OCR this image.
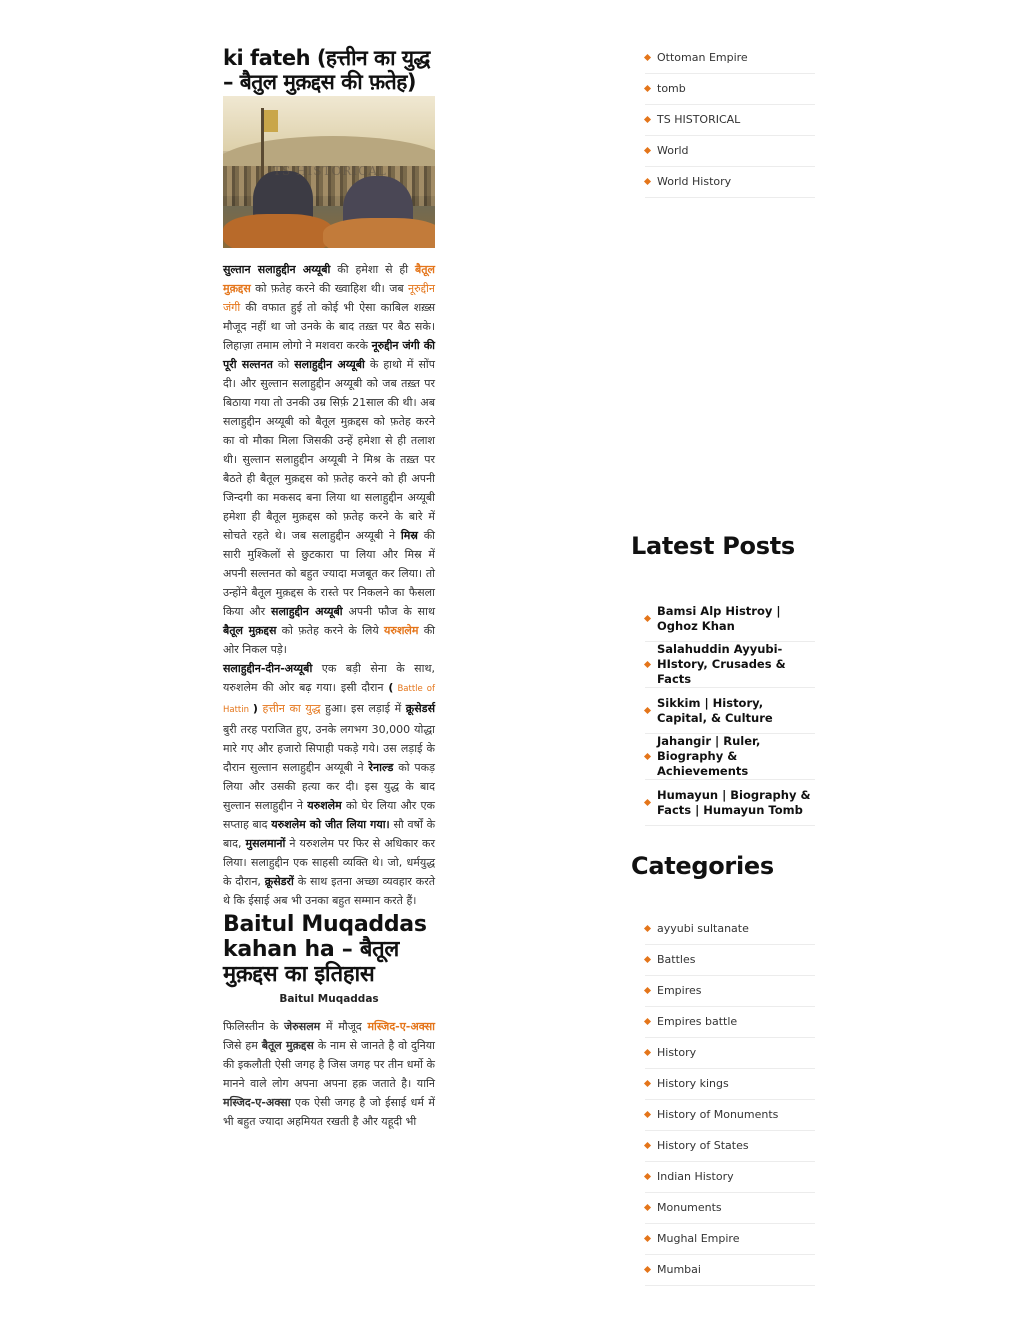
ki fateh (हत्तीन का युद्ध – बैतुल मुक़द्दस की फ़तेह)
TS HISTORICAL

सुल्तान सलाहुद्दीन अय्यूबी की हमेशा से ही बैतूल मुक़द्दस को फ़तेह करने की ख्वाहिश थी। जब नूरुद्दीन जंगी की वफात हुई तो कोई भी ऐसा काबिल शख़्स मौजूद नहीं था जो उनके के बाद तख़्त पर बैठ सके। लिहाज़ा तमाम लोगो ने मशवरा करके नूरुद्दीन जंगी की पूरी सल्तनत को सलाहुद्दीन अय्यूबी के हाथो में सोंप दी। और सुल्तान सलाहुद्दीन अय्यूबी को जब तख़्त पर बिठाया गया तो उनकी उम्र सिर्फ़ 21साल की थी। अब सलाहुद्दीन अय्यूबी को बैतूल मुक़द्दस को फ़तेह करने का वो मौका मिला जिसकी उन्हें हमेशा से ही तलाश थी। सुल्तान सलाहुद्दीन अय्यूबी ने मिश्र के तख़्त पर बैठते ही बैतूल मुक़द्दस को फ़तेह करने को ही अपनी जिन्दगी का मकसद बना लिया था सलाहुद्दीन अय्यूबी हमेशा ही बैतूल मुक़द्दस को फ़तेह करने के बारे में सोचते रहते थे। जब सलाहुद्दीन अय्यूबी ने मिस्र की सारी मुश्किलों से छुटकारा पा लिया और मिस्र में अपनी सल्तनत को बहुत ज्यादा मजबूत कर लिया। तो उन्होंने बैतूल मुक़द्दस के रास्ते पर निकलने का फैसला किया और सलाहुद्दीन अय्यूबी अपनी फौज के साथ बैतूल मुक़द्दस को फ़तेह करने के लिये यरुशलेम की ओर निकल पड़े।

सलाहुद्दीन-दीन-अय्यूबी एक बड़ी सेना के साथ, यरुशलेम की ओर बढ़ गया। इसी दौरान ( Battle of Hattin ) हत्तीन का युद्ध हुआ। इस लड़ाई में क्रूसेडर्स बुरी तरह पराजित हुए, उनके लगभग 30,000 योद्धा मारे गए और हजारो सिपाही पकड़े गये। उस लड़ाई के दौरान सुल्तान सलाहुद्दीन अय्यूबी ने रेनाल्ड को पकड़ लिया और उसकी हत्या कर दी। इस युद्ध के बाद सुल्तान सलाहुद्दीन ने यरुशलेम को घेर लिया और एक सप्ताह बाद यरुशलेम को जीत लिया गया। सौ वर्षों के बाद, मुसलमानों ने यरुशलेम पर फिर से अधिकार कर लिया। सलाहुद्दीन एक साहसी व्यक्ति थे। जो, धर्मयुद्ध के दौरान, क्रूसेडरों के साथ इतना अच्छा व्यवहार करते थे कि ईसाई अब भी उनका बहुत सम्मान करते हैं।

Baitul Muqaddas kahan ha – बैतूल मुक़द्दस का इतिहास
Baitul Muqaddas

फिलिस्तीन के जेरुसलम में मौजूद मस्जिद-ए-अक्सा जिसे हम बैतूल मुक़द्दस के नाम से जानते है वो दुनिया की इकलौती ऐसी जगह है जिस जगह पर तीन धर्मो के मानने वाले लोग अपना अपना हक़ जताते है। यानि मस्जिद-ए-अक्सा एक ऐसी जगह है जो ईसाई धर्म में भी बहुत ज्यादा अहमियत रखती है और यहूदी भी

Ottoman Empire
tomb
TS HISTORICAL
World
World History
Latest Posts
Bamsi Alp Histroy | Oghoz Khan
Salahuddin Ayyubi- HIstory, Crusades & Facts
Sikkim | History, Capital, & Culture
Jahangir | Ruler, Biography & Achievements
Humayun | Biography & Facts | Humayun Tomb
Categories
ayyubi sultanate
Battles
Empires
Empires battle
History
History kings
History of Monuments
History of States
Indian History
Monuments
Mughal Empire
Mumbai
